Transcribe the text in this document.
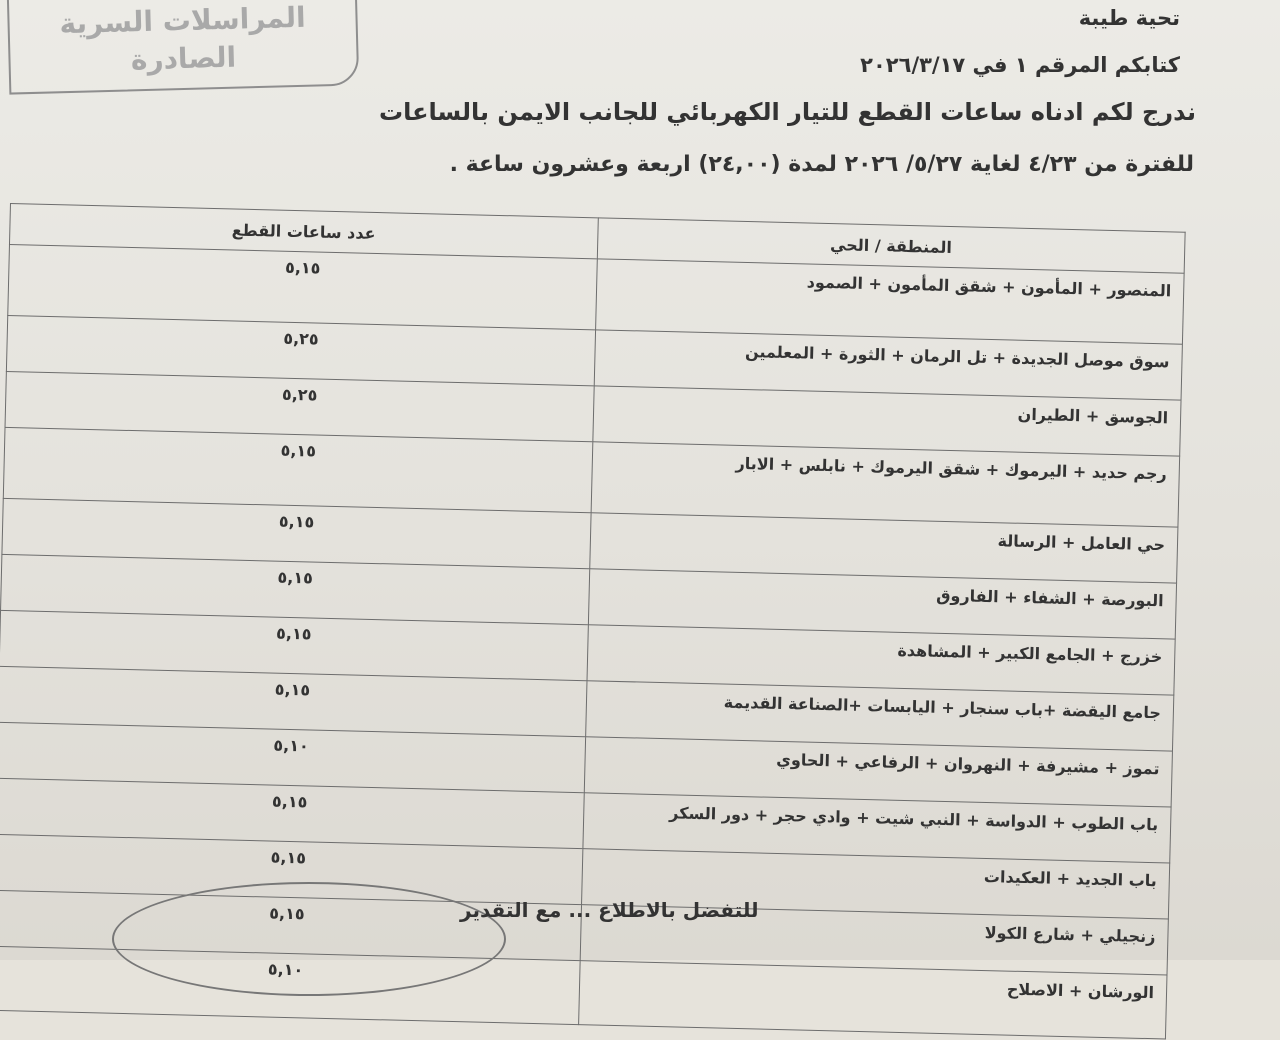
المراسلات السرية
الصادرة
تحية طيبة
كتابكم المرقم ١ في ٢٠٢٦/٣/١٧
ندرج لكم ادناه ساعات القطع للتيار الكهربائي للجانب الايمن بالساعات
للفترة من ٤/٢٣ لغاية ٥/٢٧/ ٢٠٢٦ لمدة (٢٤,٠٠) اربعة وعشرون ساعة .
المنطقة / الحي	عدد ساعات القطع
المنصور + المأمون + شقق المأمون + الصمود	٥,١٥
سوق موصل الجديدة + تل الرمان + الثورة + المعلمين	٥,٢٥
الجوسق + الطيران	٥,٢٥
رجم حديد + اليرموك + شقق اليرموك + نابلس + الابار	٥,١٥
حي العامل + الرسالة	٥,١٥
البورصة + الشفاء + الفاروق	٥,١٥
خزرج + الجامع الكبير + المشاهدة	٥,١٥
جامع اليقضة +باب سنجار + اليابسات +الصناعة القديمة	٥,١٥
تموز + مشيرفة + النهروان + الرفاعي + الحاوي	٥,١٠
باب الطوب + الدواسة + النبي شيت + وادي حجر + دور السكر	٥,١٥
باب الجديد + العكيدات	٥,١٥
زنجيلي + شارع الكولا	٥,١٥
الورشان + الاصلاح	٥,١٠
للتفضل بالاطلاع ... مع التقدير
